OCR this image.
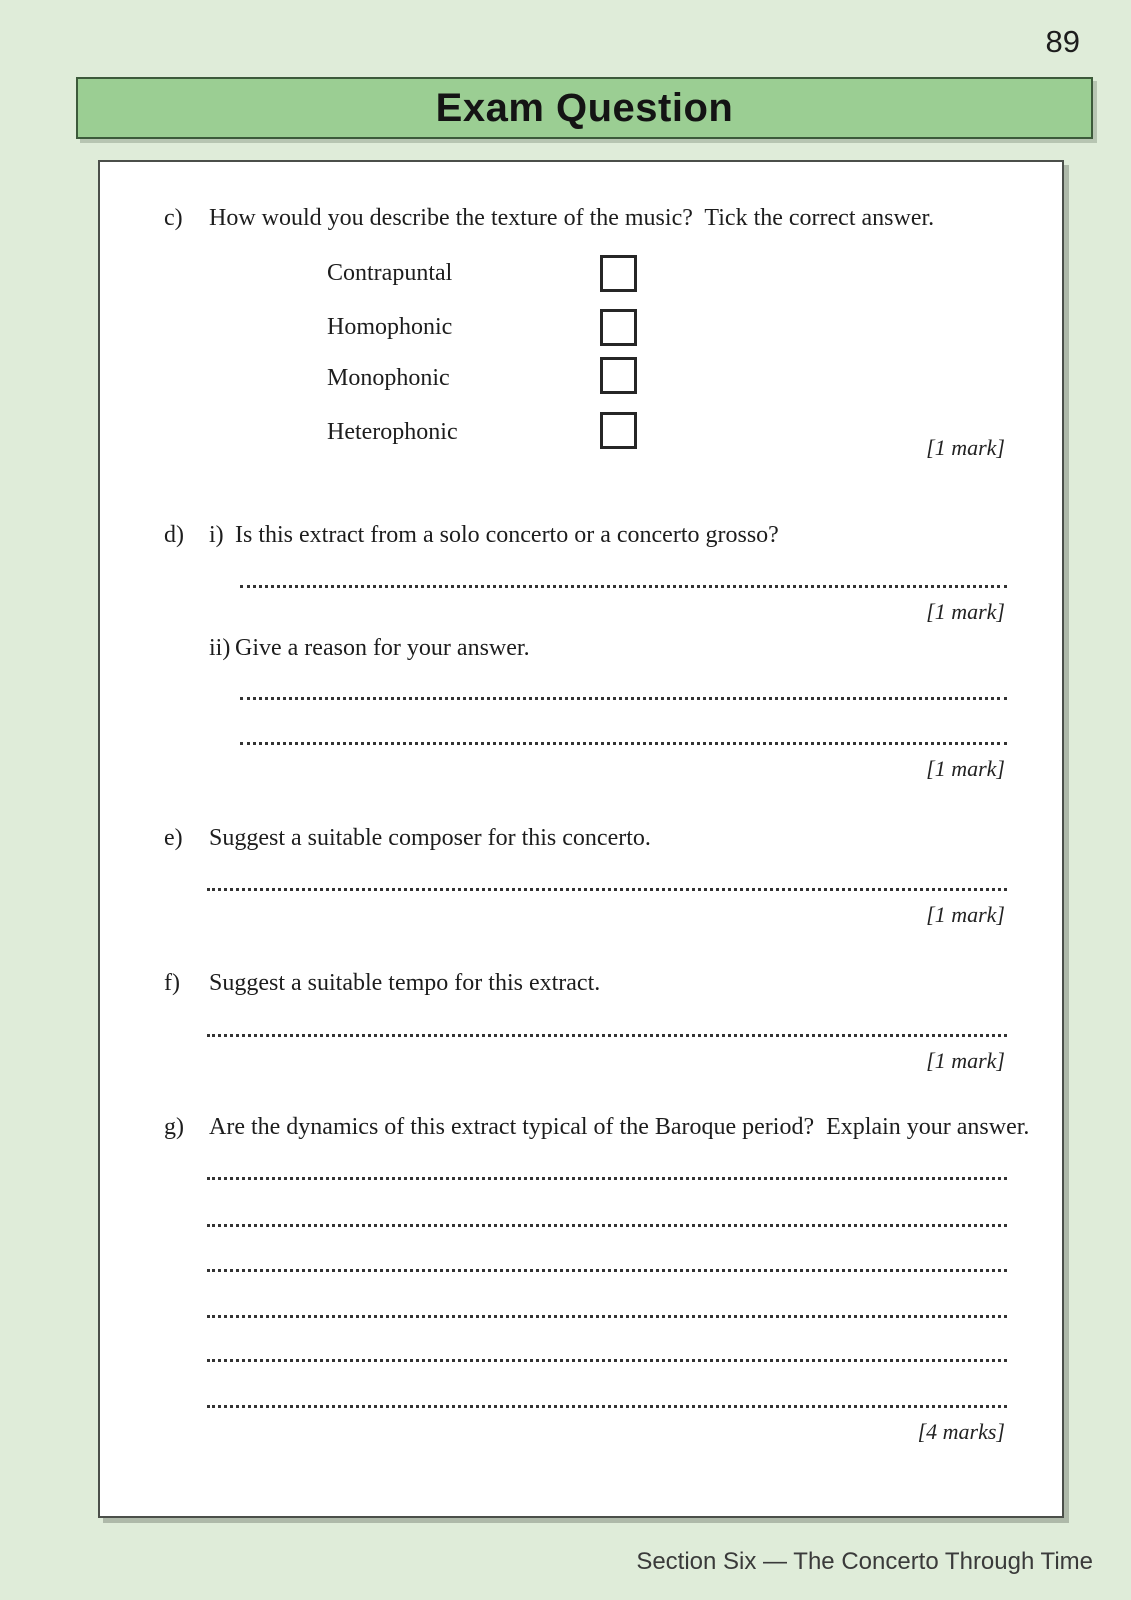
89
Exam Question
c) How would you describe the texture of the music?  Tick the correct answer.
Contrapuntal
Homophonic
Monophonic
Heterophonic
[1 mark]
d) i) Is this extract from a solo concerto or a concerto grosso?
[1 mark]
ii) Give a reason for your answer.
[1 mark]
e) Suggest a suitable composer for this concerto.
[1 mark]
f) Suggest a suitable tempo for this extract.
[1 mark]
g) Are the dynamics of this extract typical of the Baroque period?  Explain your answer.
[4 marks]
Section Six — The Concerto Through Time
